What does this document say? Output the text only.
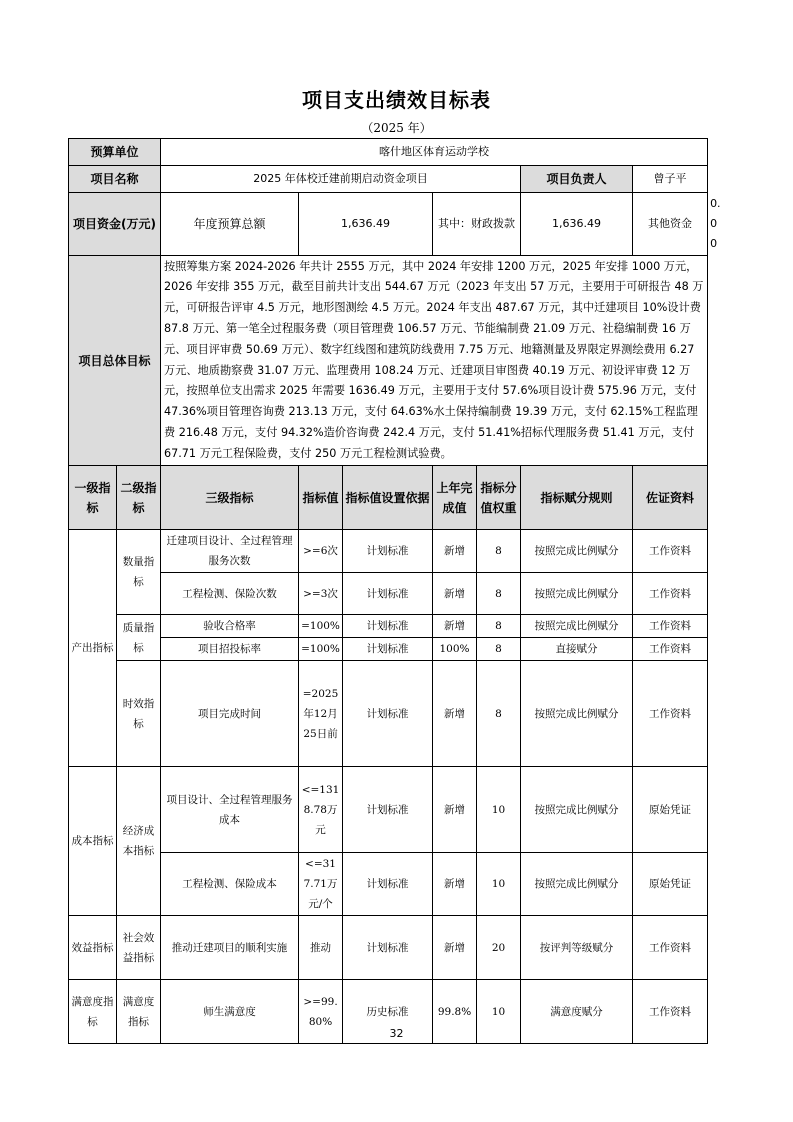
项目支出绩效目标表
（2025 年）
预算单位		喀什地区体育运动学校							
项目名称		2025 年体校迁建前期启动资金项目					项目负责人	曾子平	
项目资金(万元)		年度预算总额	1,636.49		其中：财政拨款		1,636.49	其他资金	0.00
项目总体目标		按照筹集方案 2024-2026 年共计 2555 万元，其中 2024 年安排 1200 万元，2025 年安排 1000 万元，2026 年安排 355 万元，截至目前共计支出 544.67 万元（2023 年支出 57 万元，主要用于可研报告 48 万元，可研报告评审 4.5 万元，地形图测绘 4.5 万元。2024 年支出 487.67 万元，其中迁建项目 10%设计费 87.8 万元、第一笔全过程服务费（项目管理费 106.57 万元、节能编制费 21.09 万元、社稳编制费 16 万元、项目评审费 50.69 万元）、数字红线图和建筑防线费用 7.75 万元、地籍测量及界限定界测绘费用 6.27 万元、地质勘察费 31.07 万元、监理费用 108.24 万元、迁建项目审图费 40.19 万元、初设评审费 12 万元，按照单位支出需求 2025 年需要 1636.49 万元，主要用于支付 57.6%项目设计费 575.96 万元，支付 47.36%项目管理咨询费 213.13 万元，支付 64.63%水土保持编制费 19.39 万元，支付 62.15%工程监理费 216.48 万元，支付 94.32%造价咨询费 242.4 万元，支付 51.41%招标代理服务费 51.41 万元，支付 67.71 万元工程保险费，支付 250 万元工程检测试验费。							
一级指标	二级指标	三级指标	指标值	指标值设置依据	上年完成值	指标分值权重	指标赋分规则	佐证资料	
产出指标	数量指标	迁建项目设计、全过程管理服务次数	>=6次	计划标准	新增	8	按照完成比例赋分	工作资料	
		工程检测、保险次数	>=3次	计划标准	新增	8	按照完成比例赋分	工作资料	
	质量指标	验收合格率	=100%	计划标准	新增	8	按照完成比例赋分	工作资料	
		项目招投标率	=100%	计划标准	100%	8	直接赋分	工作资料	
	时效指标	项目完成时间	=2025年12月25日前	计划标准	新增	8	按照完成比例赋分	工作资料	
成本指标	经济成本指标	项目设计、全过程管理服务成本	<=1318.78万元	计划标准	新增	10	按照完成比例赋分	原始凭证	
		工程检测、保险成本	<=317.71万元/个	计划标准	新增	10	按照完成比例赋分	原始凭证	
效益指标	社会效益指标	推动迁建项目的顺利实施	推动	计划标准	新增	20	按评判等级赋分	工作资料	
满意度指标	满意度指标	师生满意度	>=99.80%	历史标准	99.8%	10	满意度赋分	工作资料	
32
